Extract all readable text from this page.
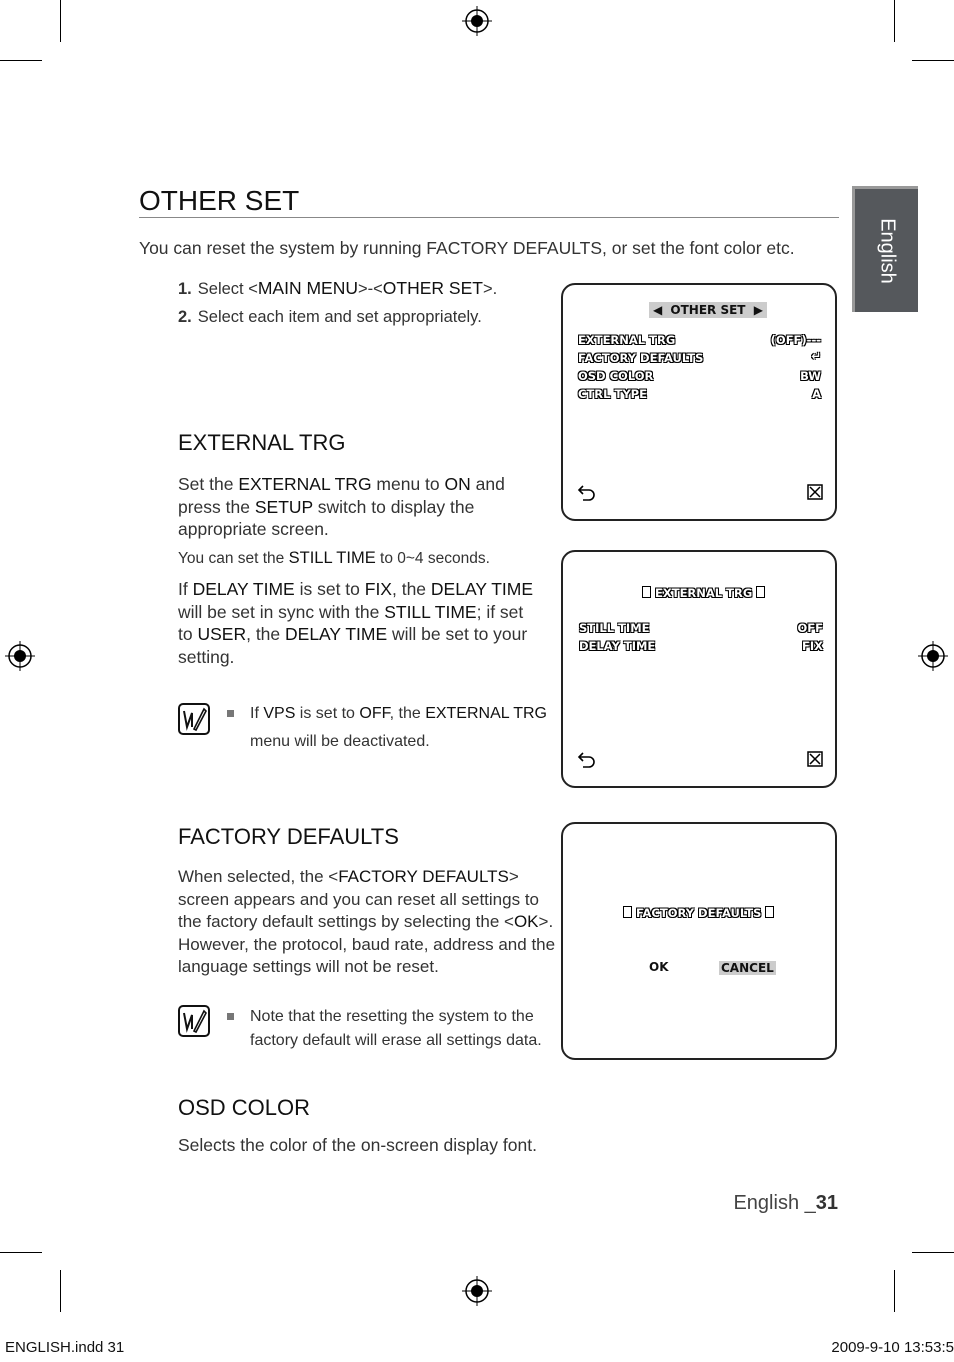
English
OTHER SET
You can reset the system by running FACTORY DEFAULTS, or set the font color etc.
1. Select <MAIN MENU>-<OTHER SET>.
2. Select each item and set appropriately.	◀ OTHER SET ▶
EXTERNAL TRG	(OFF)---
FACTORY DEFAULTS	↵
OSD COLOR	BW
CTRL TYPE	A
EXTERNAL TRG
Set the EXTERNAL TRG menu to ON and
press the SETUP switch to display the
appropriate screen.
You can set the STILL TIME to 0~4 seconds.
If DELAY TIME is set to FIX, the DELAY TIME
will be set in sync with the STILL TIME; if set
to USER, the DELAY TIME will be set to your
setting.
If VPS is set to OFF, the EXTERNAL TRG
menu will be deactivated.
EXTERNAL TRG
STILL TIME	OFF
DELAY TIME	FIX
FACTORY DEFAULTS
When selected, the <FACTORY DEFAULTS>
screen appears and you can reset all settings to
the factory default settings by selecting the <OK>.
However, the protocol, baud rate, address and the
language settings will not be reset.
Note that the resetting the system to the
factory default will erase all settings data.
FACTORY DEFAULTS
OK	CANCEL
OSD COLOR
Selects the color of the on-screen display font.
English _31
ENGLISH.indd 31	2009-9-10 13:53:5
